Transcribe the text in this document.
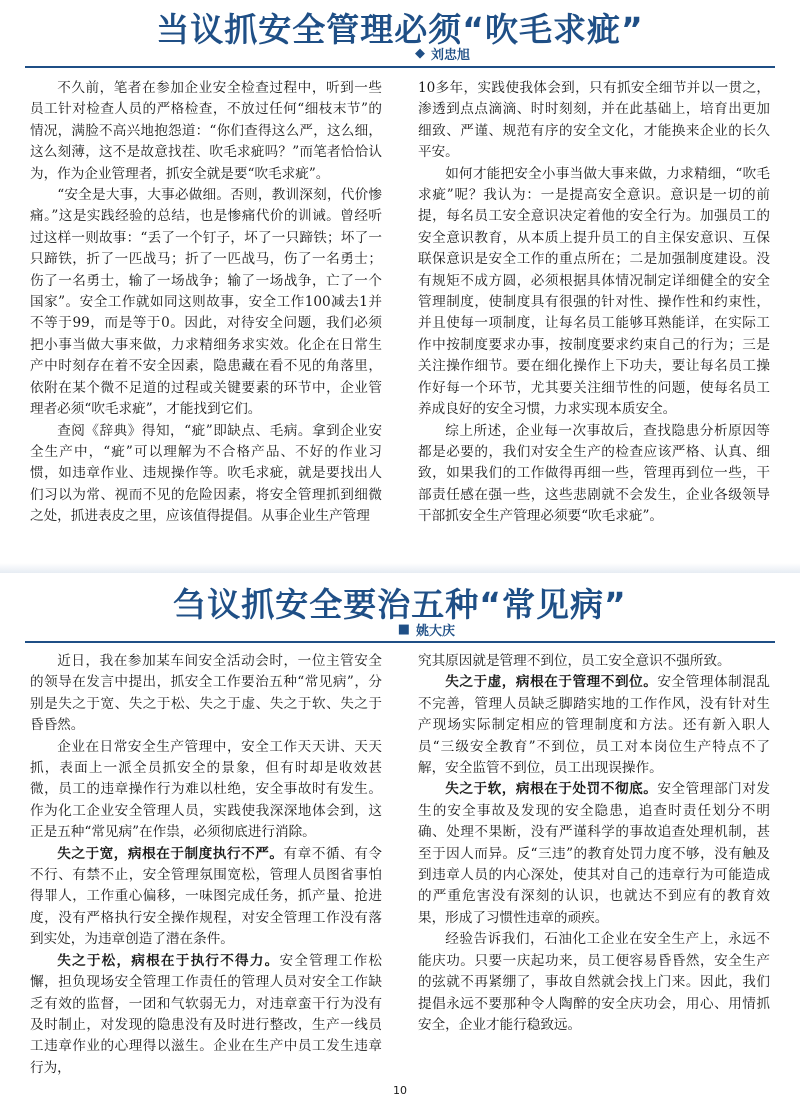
当议抓安全管理必须“吹毛求疵”
◆ 刘忠旭

不久前，笔者在参加企业安全检查过程中，听到一些员工针对检查人员的严格检查，不放过任何“细枝末节”的情况，满脸不高兴地抱怨道：“你们查得这么严，这么细，这么刻薄，这不是故意找茬、吹毛求疵吗？”而笔者恰恰认为，作为企业管理者，抓安全就是要“吹毛求疵”。

“安全是大事，大事必做细。否则，教训深刻，代价惨痛。”这是实践经验的总结，也是惨痛代价的训诫。曾经听过这样一则故事：“丢了一个钉子，坏了一只蹄铁；坏了一只蹄铁，折了一匹战马；折了一匹战马，伤了一名勇士；伤了一名勇士，输了一场战争；输了一场战争，亡了一个国家”。安全工作就如同这则故事，安全工作100减去1并不等于99，而是等于0。因此，对待安全问题，我们必须把小事当做大事来做，力求精细务求实效。化企在日常生产中时刻存在着不安全因素，隐患藏在看不见的角落里，依附在某个微不足道的过程或关键要素的环节中，企业管理者必须“吹毛求疵”，才能找到它们。

查阅《辞典》得知，“疵”即缺点、毛病。拿到企业安全生产中，“疵”可以理解为不合格产品、不好的作业习惯，如违章作业、违规操作等。吹毛求疵，就是要找出人们习以为常、视而不见的危险因素，将安全管理抓到细微之处，抓进表皮之里，应该值得提倡。从事企业生产管理

10多年，实践使我体会到，只有抓安全细节并以一贯之，渗透到点点滴滴、时时刻刻，并在此基础上，培育出更加细致、严谨、规范有序的安全文化，才能换来企业的长久平安。

如何才能把安全小事当做大事来做，力求精细，“吹毛求疵”呢？我认为：一是提高安全意识。意识是一切的前提，每名员工安全意识决定着他的安全行为。加强员工的安全意识教育，从本质上提升员工的自主保安意识、互保联保意识是安全工作的重点所在；二是加强制度建设。没有规矩不成方圆，必须根据具体情况制定详细健全的安全管理制度，使制度具有很强的针对性、操作性和约束性，并且使每一项制度，让每名员工能够耳熟能详，在实际工作中按制度要求办事，按制度要求约束自己的行为；三是关注操作细节。要在细化操作上下功夫，要让每名员工操作好每一个环节，尤其要关注细节性的问题，使每名员工养成良好的安全习惯，力求实现本质安全。

综上所述，企业每一次事故后，查找隐患分析原因等都是必要的，我们对安全生产的检查应该严格、认真、细致，如果我们的工作做得再细一些，管理再到位一些，干部责任感在强一些，这些悲剧就不会发生，企业各级领导干部抓安全生产管理必须要“吹毛求疵”。

刍议抓安全要治五种“常见病”
■ 姚大庆

近日，我在参加某车间安全活动会时，一位主管安全的领导在发言中提出，抓安全工作要治五种“常见病”，分别是失之于宽、失之于松、失之于虚、失之于软、失之于昏昏然。

企业在日常安全生产管理中，安全工作天天讲、天天抓，表面上一派全员抓安全的景象，但有时却是收效甚微，员工的违章操作行为难以杜绝，安全事故时有发生。作为化工企业安全管理人员，实践使我深深地体会到，这正是五种“常见病”在作祟，必须彻底进行消除。

失之于宽，病根在于制度执行不严。有章不循、有令不行、有禁不止，安全管理氛围宽松，管理人员图省事怕得罪人，工作重心偏移，一味图完成任务，抓产量、抢进度，没有严格执行安全操作规程，对安全管理工作没有落到实处，为违章创造了潜在条件。

失之于松，病根在于执行不得力。安全管理工作松懈，担负现场安全管理工作责任的管理人员对安全工作缺乏有效的监督，一团和气软弱无力，对违章蛮干行为没有及时制止，对发现的隐患没有及时进行整改，生产一线员工违章作业的心理得以滋生。企业在生产中员工发生违章行为，

究其原因就是管理不到位，员工安全意识不强所致。

失之于虚，病根在于管理不到位。安全管理体制混乱不完善，管理人员缺乏脚踏实地的工作作风，没有针对生产现场实际制定相应的管理制度和方法。还有新入职人员“三级安全教育”不到位，员工对本岗位生产特点不了解，安全监管不到位，员工出现误操作。

失之于软，病根在于处罚不彻底。安全管理部门对发生的安全事故及发现的安全隐患，追查时责任划分不明确、处理不果断，没有严谨科学的事故追查处理机制，甚至于因人而异。反“三违”的教育处罚力度不够，没有触及到违章人员的内心深处，使其对自己的违章行为可能造成的严重危害没有深刻的认识，也就达不到应有的教育效果，形成了习惯性违章的顽疾。

经验告诉我们，石油化工企业在安全生产上，永远不能庆功。只要一庆起功来，员工便容易昏昏然，安全生产的弦就不再紧绷了，事故自然就会找上门来。因此，我们提倡永远不要那种令人陶醉的安全庆功会，用心、用情抓安全，企业才能行稳致远。

10
